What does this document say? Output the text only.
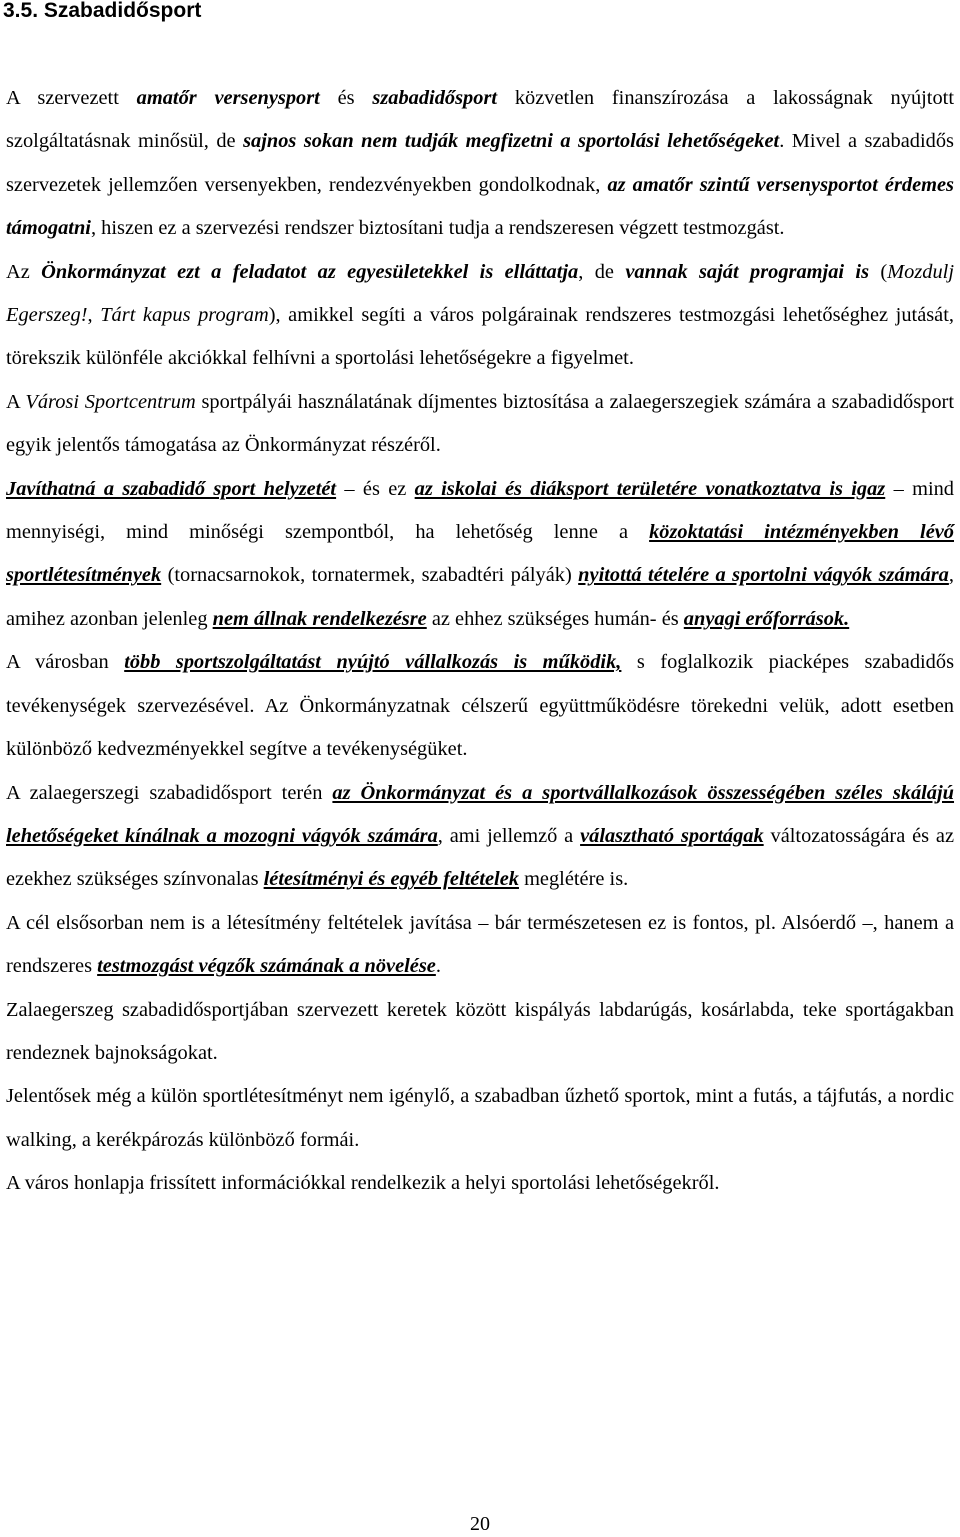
3.5. Szabadidősport

A szervezett amatőr versenysport és szabadidősport közvetlen finanszírozása a lakosságnak nyújtott szolgáltatásnak minősül, de sajnos sokan nem tudják megfizetni a sportolási lehetőségeket. Mivel a szabadidős szervezetek jellemzően versenyekben, rendezvényekben gondolkodnak, az amatőr szintű versenysportot érdemes támogatni, hiszen ez a szervezési rendszer biztosítani tudja a rendszeresen végzett testmozgást.

Az Önkormányzat ezt a feladatot az egyesületekkel is elláttatja, de vannak saját programjai is (Mozdulj Egerszeg!, Tárt kapus program), amikkel segíti a város polgárainak rendszeres testmozgási lehetőséghez jutását, törekszik különféle akciókkal felhívni a sportolási lehetőségekre a figyelmet.

A Városi Sportcentrum sportpályái használatának díjmentes biztosítása a zalaegerszegiek számára a szabadidősport egyik jelentős támogatása az Önkormányzat részéről.

Javíthatná a szabadidő sport helyzetét – és ez az iskolai és diáksport területére vonatkoztatva is igaz – mind mennyiségi, mind minőségi szempontból, ha lehetőség lenne a közoktatási intézményekben lévő sportlétesítmények (tornacsarnokok, tornatermek, szabadtéri pályák) nyitottá tételére a sportolni vágyók számára, amihez azonban jelenleg nem állnak rendelkezésre az ehhez szükséges humán- és anyagi erőforrások.

A városban több sportszolgáltatást nyújtó vállalkozás is működik, s foglalkozik piacképes szabadidős tevékenységek szervezésével. Az Önkormányzatnak célszerű együttműködésre törekedni velük, adott esetben különböző kedvezményekkel segítve a tevékenységüket.

A zalaegerszegi szabadidősport terén az Önkormányzat és a sportvállalkozások összességében széles skálájú lehetőségeket kínálnak a mozogni vágyók számára, ami jellemző a választható sportágak változatosságára és az ezekhez szükséges színvonalas létesítményi és egyéb feltételek meglétére is.

A cél elsősorban nem is a létesítmény feltételek javítása – bár természetesen ez is fontos, pl. Alsóerdő –, hanem a rendszeres testmozgást végzők számának a növelése.

Zalaegerszeg szabadidősportjában szervezett keretek között kispályás labdarúgás, kosárlabda, teke sportágakban rendeznek bajnokságokat.

Jelentősek még a külön sportlétesítményt nem igénylő, a szabadban űzhető sportok, mint a futás, a tájfutás, a nordic walking, a kerékpározás különböző formái.

A város honlapja frissített információkkal rendelkezik a helyi sportolási lehetőségekről.

20
